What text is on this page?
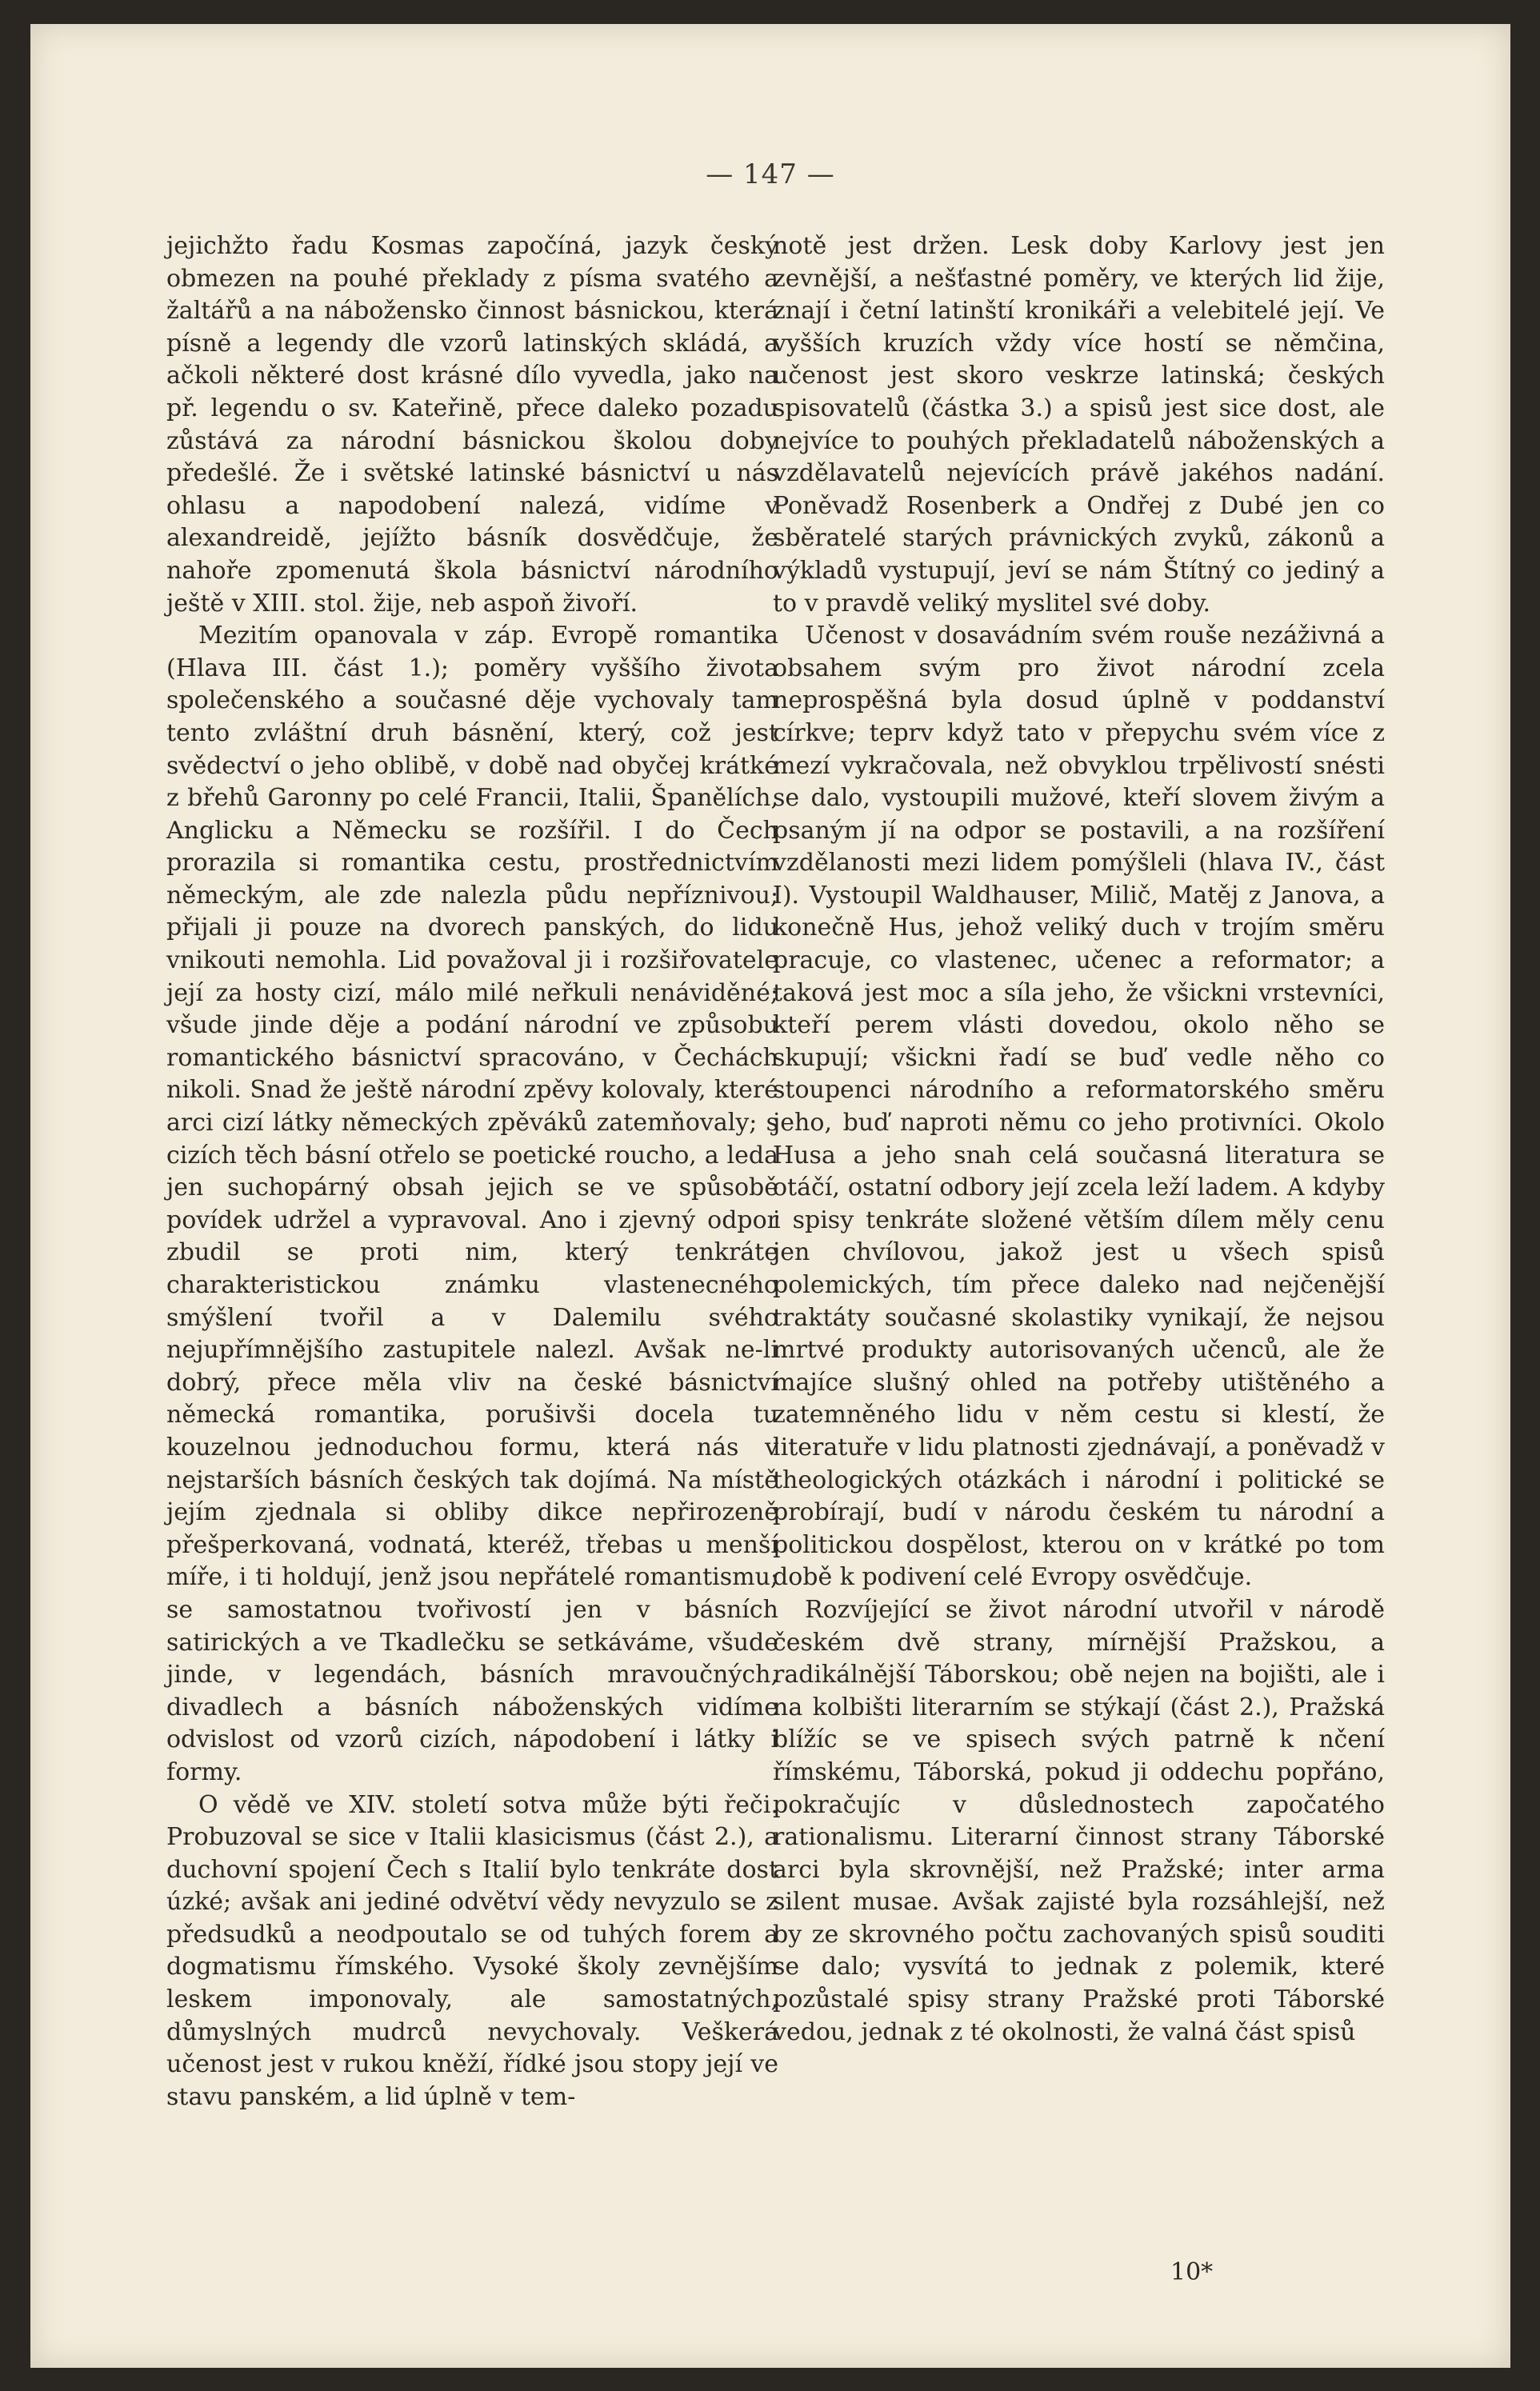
— 147 —

jejichžto řadu Kosmas započíná, jazyk český obmezen na pouhé překlady z písma svatého a žaltářů a na nábožensko činnost básnickou, která písně a legendy dle vzorů latinských skládá, a ačkoli některé dost krásné dílo vyvedla, jako na př. legendu o sv. Kateřině, přece daleko pozadu zůstává za národní básnickou školou doby předešlé. Že i světské latinské básnictví u nás ohlasu a napodobení nalezá, vidíme v alexandreidě, jejížto básník dosvědčuje, že nahoře zpomenutá škola básnictví národního ještě v XIII. stol. žije, neb aspoň živoří.

Mezitím opanovala v záp. Evropě romantika (Hlava III. část 1.); poměry vyššího života společenského a současné děje vychovaly tam tento zvláštní druh básnění, který, což jest svědectví o jeho oblibě, v době nad obyčej krátké z břehů Garonny po celé Francii, Italii, Španělích, Anglicku a Německu se rozšířil. I do Čech prorazila si romantika cestu, prostřednictvím německým, ale zde nalezla půdu nepříznivou; přijali ji pouze na dvorech panských, do lidu vnikouti nemohla. Lid považoval ji i rozšiřovatele její za hosty cizí, málo milé neřkuli nenáviděné; všude jinde děje a podání národní ve způsobu romantického básnictví spracováno, v Čechách nikoli. Snad že ještě národní zpěvy kolovaly, které arci cizí látky německých zpěváků zatemňovaly; s cizích těch básní otřelo se poetické roucho, a leda jen suchopárný obsah jejich se ve spůsobě povídek udržel a vypravoval. Ano i zjevný odpor zbudil se proti nim, který tenkráte charakteristickou známku vlastenecného smýšlení tvořil a v Dalemilu svého nejupřímnějšího zastupitele nalezl. Avšak ne-li dobrý, přece měla vliv na české básnictví německá romantika, porušivši docela tu kouzelnou jednoduchou formu, která nás v nejstarších básních českých tak dojímá. Na místě jejím zjednala si obliby dikce nepřirozeně přešperkovaná, vodnatá, kteréž, třebas u menší míře, i ti holdují, jenž jsou nepřátelé romantismu; se samostatnou tvořivostí jen v básních satirických a ve Tkadlečku se setkáváme, všude jinde, v legendách, básních mravoučných, divadlech a básních náboženských vidíme odvislost od vzorů cizích, nápodobení i látky i formy.

O vědě ve XIV. století sotva může býti řeči. Probuzoval se sice v Italii klasicismus (část 2.), a duchovní spojení Čech s Italií bylo tenkráte dost úzké; avšak ani jediné odvětví vědy nevyzulo se z předsudků a neodpoutalo se od tuhých forem a dogmatismu římského. Vysoké školy zevnějším leskem imponovaly, ale samostatných, důmyslných mudrců nevychovaly. Veškerá učenost jest v rukou kněží, řídké jsou stopy její ve stavu panském, a lid úplně v tem-

notě jest držen. Lesk doby Karlovy jest jen zevnější, a nešťastné poměry, ve kterých lid žije, znají i četní latinští kronikáři a velebitelé její. Ve vyšších kruzích vždy více hostí se němčina, učenost jest skoro veskrze latinská; českých spisovatelů (částka 3.) a spisů jest sice dost, ale nejvíce to pouhých překladatelů náboženských a vzdělavatelů nejevících právě jakéhos nadání. Poněvadž Rosenberk a Ondřej z Dubé jen co sběratelé starých právnických zvyků, zákonů a výkladů vystupují, jeví se nám Štítný co jediný a to v pravdě veliký myslitel své doby.

Učenost v dosavádním svém rouše nezáživná a obsahem svým pro život národní zcela neprospěšná byla dosud úplně v poddanství církve; teprv když tato v přepychu svém více z mezí vykračovala, než obvyklou trpělivostí snésti se dalo, vystoupili mužové, kteří slovem živým a psaným jí na odpor se postavili, a na rozšíření vzdělanosti mezi lidem pomýšleli (hlava IV., část I). Vystoupil Waldhauser, Milič, Matěj z Janova, a konečně Hus, jehož veliký duch v trojím směru pracuje, co vlastenec, učenec a reformator; a taková jest moc a síla jeho, že všickni vrstevníci, kteří perem vlásti dovedou, okolo něho se skupují; všickni řadí se buď vedle něho co stoupenci národního a reformatorského směru jeho, buď naproti němu co jeho protivníci. Okolo Husa a jeho snah celá současná literatura se otáčí, ostatní odbory její zcela leží ladem. A kdyby i spisy tenkráte složené větším dílem měly cenu jen chvílovou, jakož jest u všech spisů polemických, tím přece daleko nad nejčenější traktáty současné skolastiky vynikají, že nejsou mrtvé produkty autorisovaných učenců, ale že majíce slušný ohled na potřeby utištěného a zatemněného lidu v něm cestu si klestí, že literatuře v lidu platnosti zjednávají, a poněvadž v theologických otázkách i národní i politické se probírají, budí v národu českém tu národní a politickou dospělost, kterou on v krátké po tom době k podivení celé Evropy osvědčuje.

Rozvíjející se život národní utvořil v národě českém dvě strany, mírnější Pražskou, a radikálnější Táborskou; obě nejen na bojišti, ale i na kolbišti literarním se stýkají (část 2.), Pražská blížíc se ve spisech svých patrně k nčení římskému, Táborská, pokud ji oddechu popřáno, pokračujíc v důslednostech započatého rationalismu. Literarní činnost strany Táborské arci byla skrovnější, než Pražské; inter arma silent musae. Avšak zajisté byla rozsáhlejší, než by ze skrovného počtu zachovaných spisů souditi se dalo; vysvítá to jednak z polemik, které pozůstalé spisy strany Pražské proti Táborské vedou, jednak z té okolnosti, že valná část spisů

10*
